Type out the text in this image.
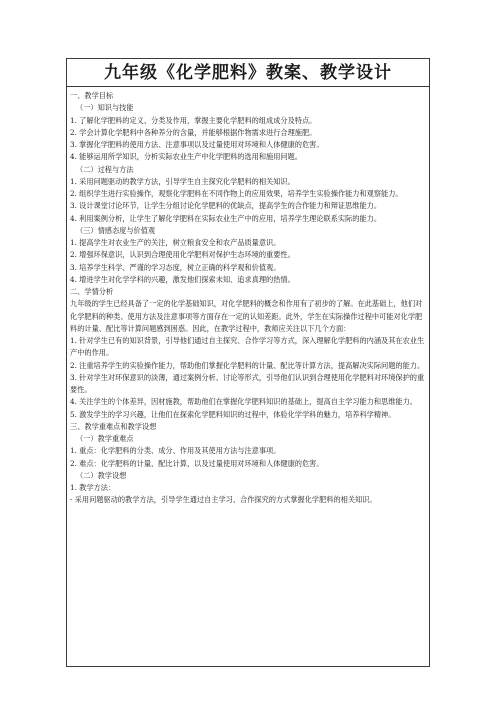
九年级《化学肥料》教案、教学设计
一、教学目标
（一）知识与技能
1. 了解化学肥料的定义、分类及作用，掌握主要化学肥料的组成成分及特点。
2. 学会计算化学肥料中各种养分的含量，并能够根据作物需求进行合理施肥。
3. 掌握化学肥料的使用方法、注意事项以及过量使用对环境和人体健康的危害。
4. 能够运用所学知识，分析实际农业生产中化学肥料的选用和施用问题。
（二）过程与方法
1. 采用问题驱动的教学方法，引导学生自主探究化学肥料的相关知识。
2. 组织学生进行实验操作，观察化学肥料在不同作物上的应用效果，培养学生实验操作能力和观察能力。
3. 设计课堂讨论环节，让学生分组讨论化学肥料的优缺点，提高学生的合作能力和辩证思维能力。
4. 利用案例分析，让学生了解化学肥料在实际农业生产中的应用，培养学生理论联系实际的能力。
（三）情感态度与价值观
1. 提高学生对农业生产的关注，树立粮食安全和农产品质量意识。
2. 增强环保意识，认识到合理使用化学肥料对保护生态环境的重要性。
3. 培养学生科学、严谨的学习态度，树立正确的科学观和价值观。
4. 增进学生对化学学科的兴趣，激发他们探索未知、追求真理的热情。
二、学情分析
九年级的学生已经具备了一定的化学基础知识，对化学肥料的概念和作用有了初步的了解。在此基础上，他们对化学肥料的种类、使用方法及注意事项等方面存在一定的认知差距。此外，学生在实际操作过程中可能对化学肥料的计量、配比等计算问题感到困惑。因此，在教学过程中，教师应关注以下几个方面：
1. 针对学生已有的知识背景，引导他们通过自主探究、合作学习等方式，深入理解化学肥料的内涵及其在农业生产中的作用。
2. 注重培养学生的实验操作能力，帮助他们掌握化学肥料的计量、配比等计算方法，提高解决实际问题的能力。
3. 针对学生对环保意识的淡薄，通过案例分析、讨论等形式，引导他们认识到合理使用化学肥料对环境保护的重要性。
4. 关注学生的个体差异，因材施教，帮助他们在掌握化学肥料知识的基础上，提高自主学习能力和思维能力。
5. 激发学生的学习兴趣，让他们在探索化学肥料知识的过程中，体验化学学科的魅力，培养科学精神。
三、教学重难点和教学设想
（一）教学重难点
1. 重点：化学肥料的分类、成分、作用及其使用方法与注意事项。
2. 难点：化学肥料的计量、配比计算，以及过量使用对环境和人体健康的危害。
（二）教学设想
1. 教学方法：
- 采用问题驱动的教学方法，引导学生通过自主学习、合作探究的方式掌握化学肥料的相关知识。
